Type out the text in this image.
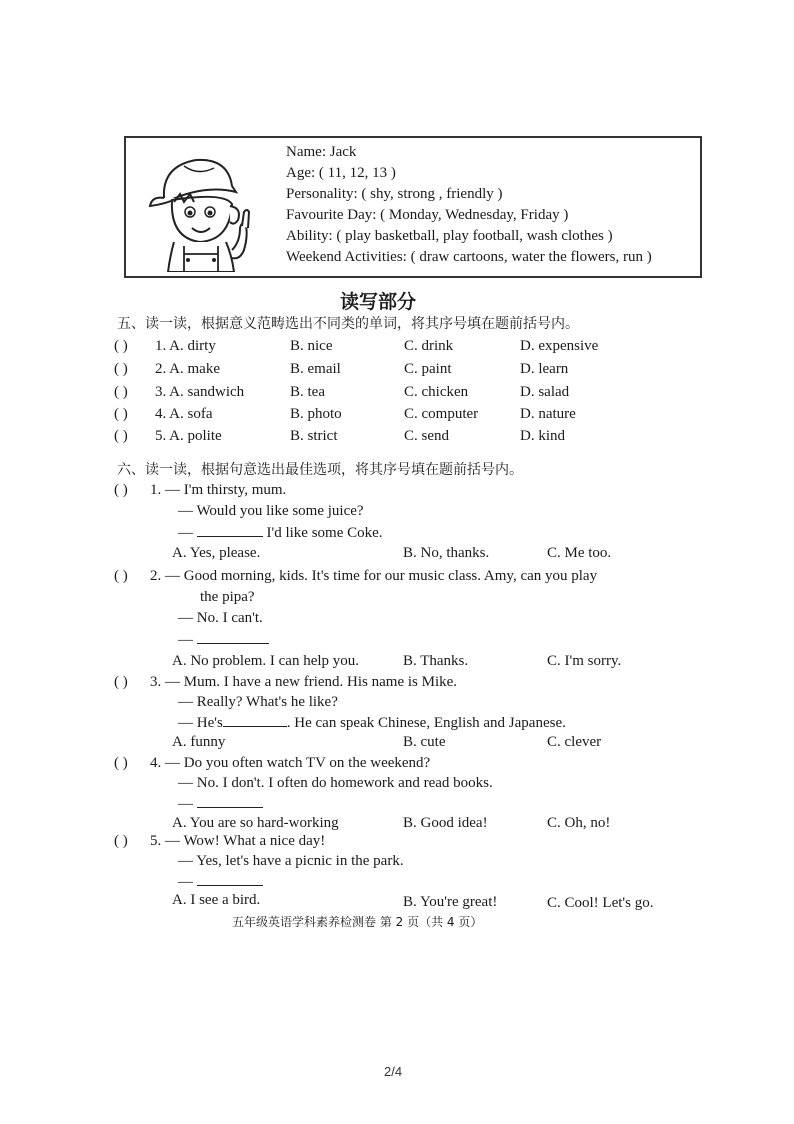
Name: Jack
Age: ( 11, 12, 13 )
Personality: ( shy, strong , friendly )
Favourite Day: ( Monday, Wednesday, Friday )
Ability: ( play basketball, play football, wash clothes )
Weekend Activities: ( draw cartoons, water the flowers, run )
读写部分
五、读一读，根据意义范畴选出不同类的单词，将其序号填在题前括号内。
( ) 1. A. dirty	B. nice	C. drink	D. expensive
( ) 2. A. make	B. email	C. paint	D. learn
( ) 3. A. sandwich	B. tea	C. chicken	D. salad
( ) 4. A. sofa	B. photo	C. computer	D. nature
( ) 5. A. polite	B. strict	C. send	D. kind
六、读一读，根据句意选出最佳选项，将其序号填在题前括号内。
( ) 1. — I'm thirsty, mum.
— Would you like some juice?
—	I'd like some Coke.
A. Yes, please.	B. No, thanks.	C. Me too.
( ) 2. — Good morning, kids. It's time for our music class. Amy, can you play
the pipa?
— No. I can't.
—
A. No problem. I can help you.	B. Thanks.	C. I'm sorry.
( ) 3. — Mum. I have a new friend. His name is Mike.
— Really? What's he like?
— He's	. He can speak Chinese, English and Japanese.
A. funny	B. cute	C. clever
( ) 4. — Do you often watch TV on the weekend?
— No. I don't. I often do homework and read books.
—
A. You are so hard-working	B. Good idea!	C. Oh, no!
( ) 5. — Wow! What a nice day!
— Yes, let's have a picnic in the park.
—
A. I see a bird.	B. You're great!	C. Cool! Let's go.
五年级英语学科素养检测卷 第 2 页（共 4 页）
2/4
